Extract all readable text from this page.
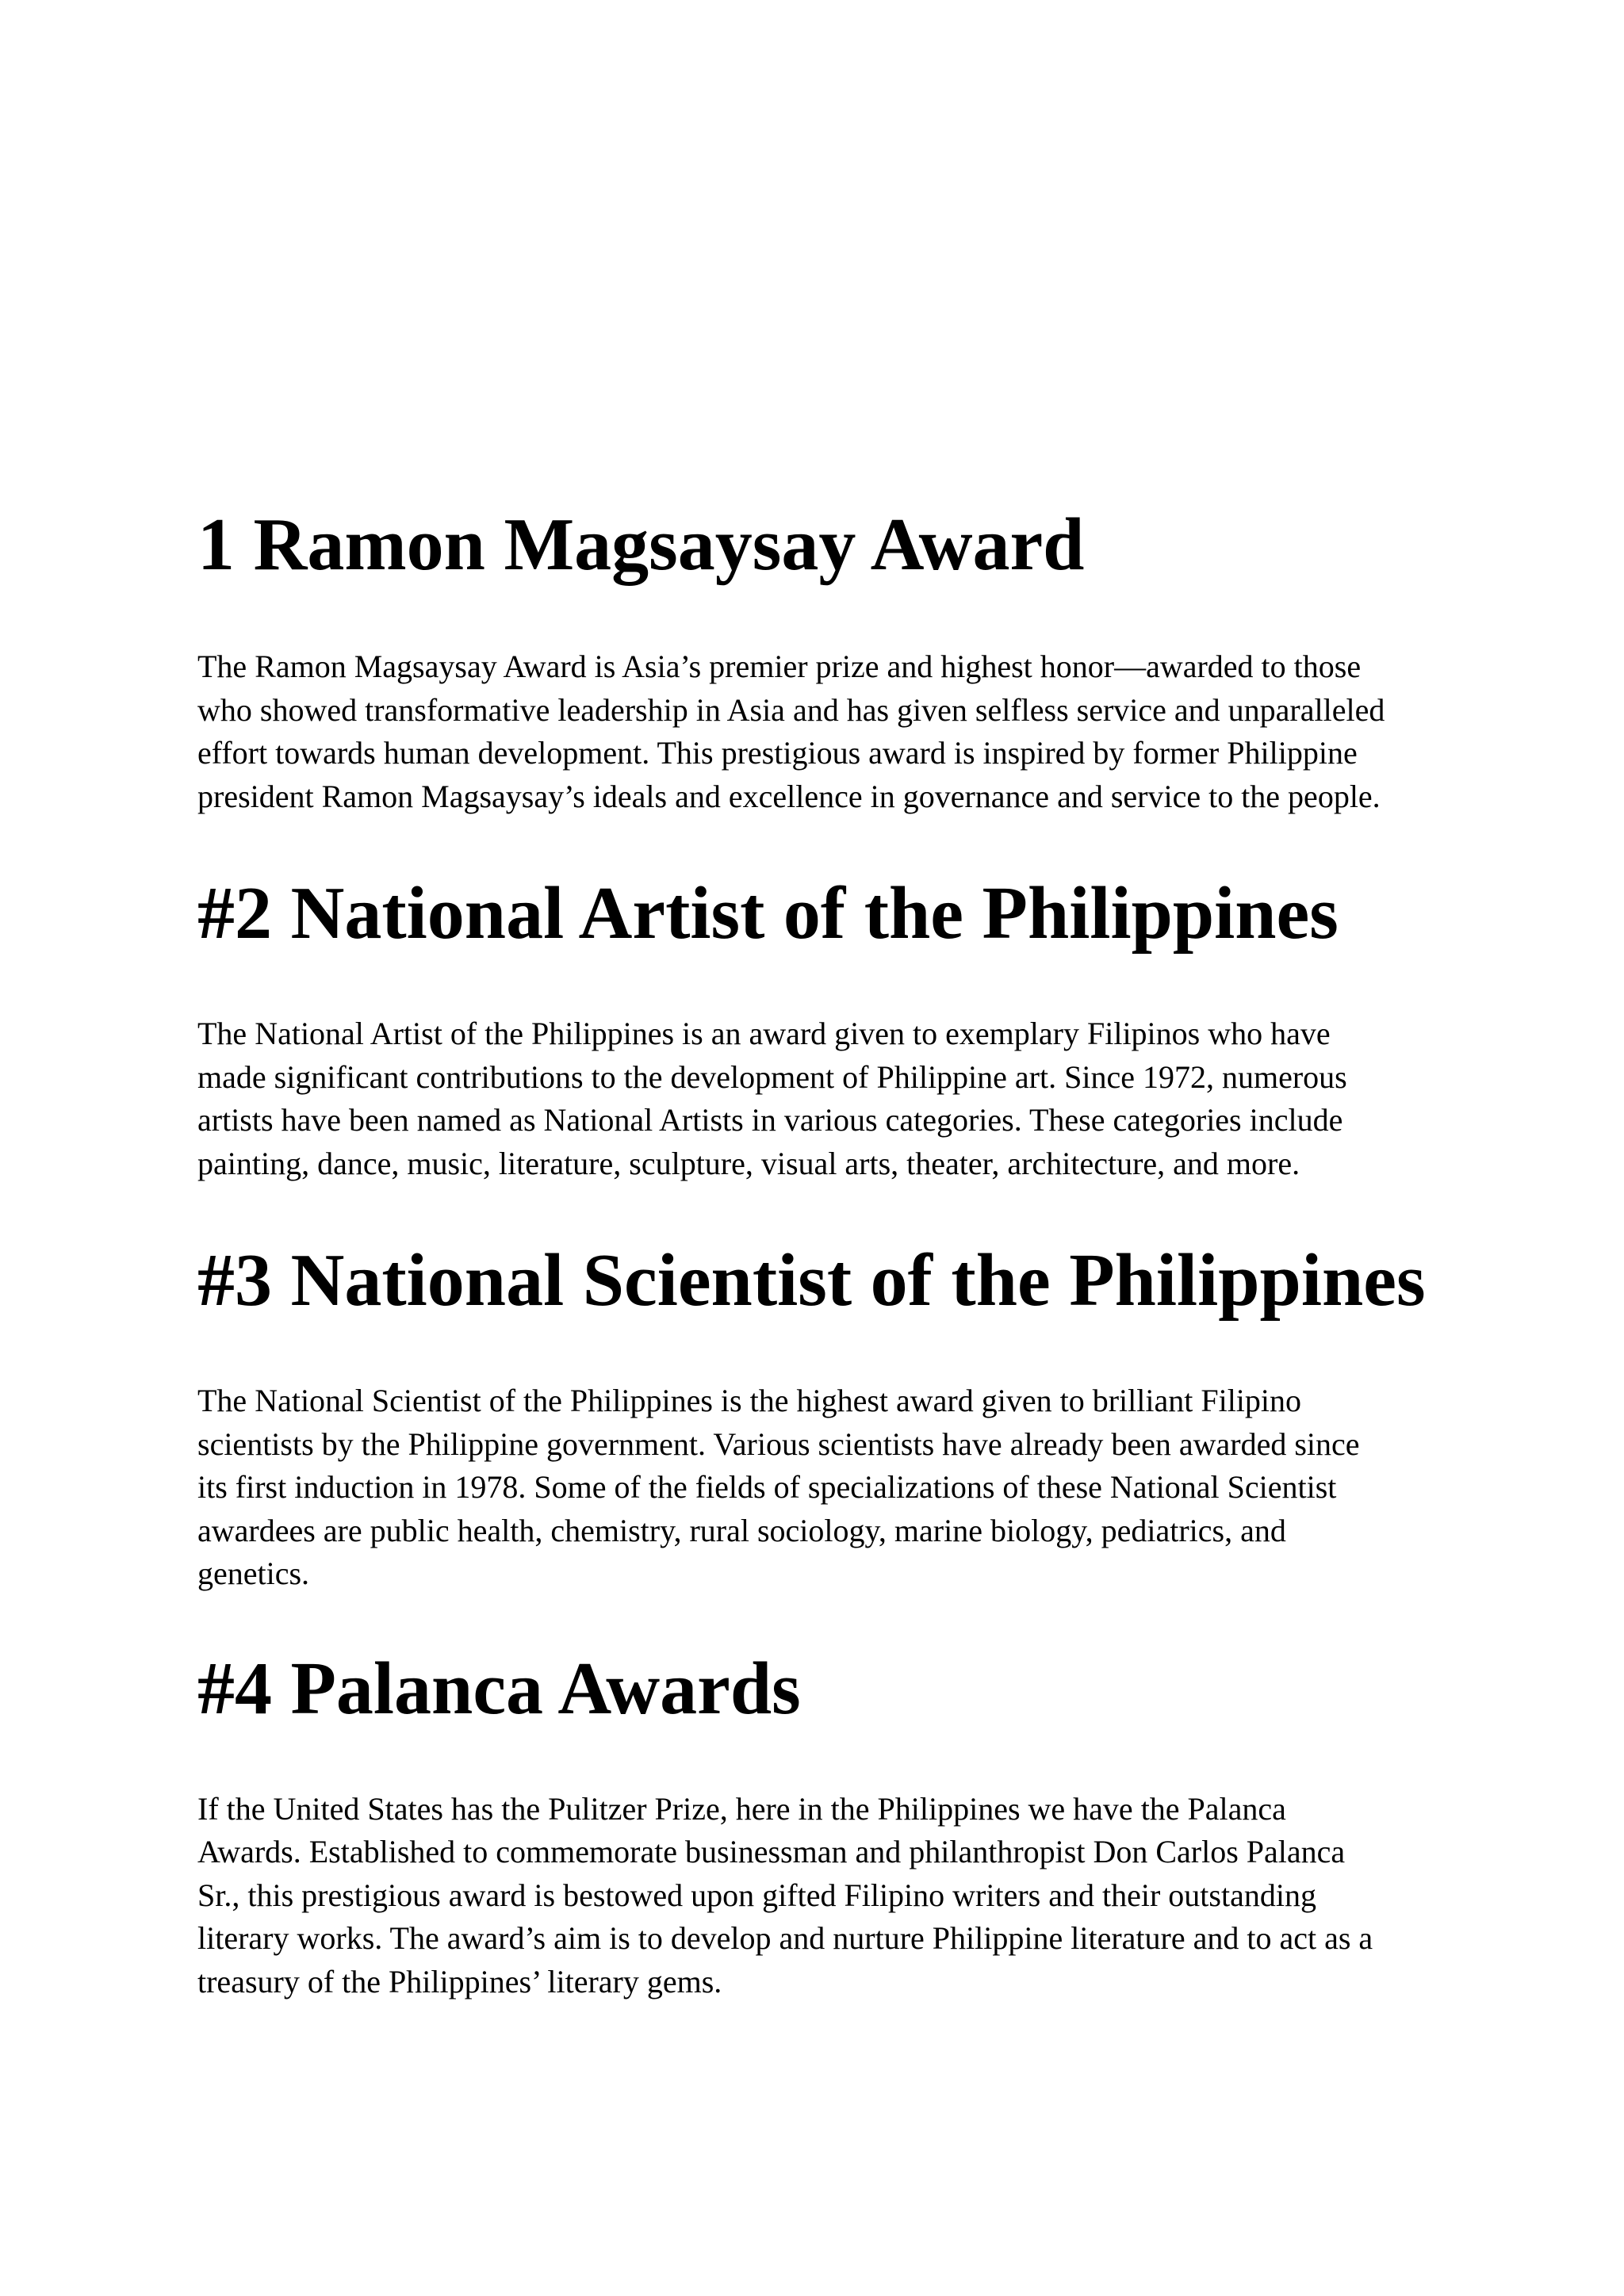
1 Ramon Magsaysay Award

The Ramon Magsaysay Award is Asia’s premier prize and highest honor—awarded to those
who showed transformative leadership in Asia and has given selfless service and unparalleled
effort towards human development. This prestigious award is inspired by former Philippine
president Ramon Magsaysay’s ideals and excellence in governance and service to the people.

#2 National Artist of the Philippines

The National Artist of the Philippines is an award given to exemplary Filipinos who have
made significant contributions to the development of Philippine art. Since 1972, numerous
artists have been named as National Artists in various categories. These categories include
painting, dance, music, literature, sculpture, visual arts, theater, architecture, and more.

#3 National Scientist of the Philippines

The National Scientist of the Philippines is the highest award given to brilliant Filipino
scientists by the Philippine government. Various scientists have already been awarded since
its first induction in 1978. Some of the fields of specializations of these National Scientist
awardees are public health, chemistry, rural sociology, marine biology, pediatrics, and
genetics.

#4 Palanca Awards

If the United States has the Pulitzer Prize, here in the Philippines we have the Palanca
Awards. Established to commemorate businessman and philanthropist Don Carlos Palanca
Sr., this prestigious award is bestowed upon gifted Filipino writers and their outstanding
literary works. The award’s aim is to develop and nurture Philippine literature and to act as a
treasury of the Philippines’ literary gems.
